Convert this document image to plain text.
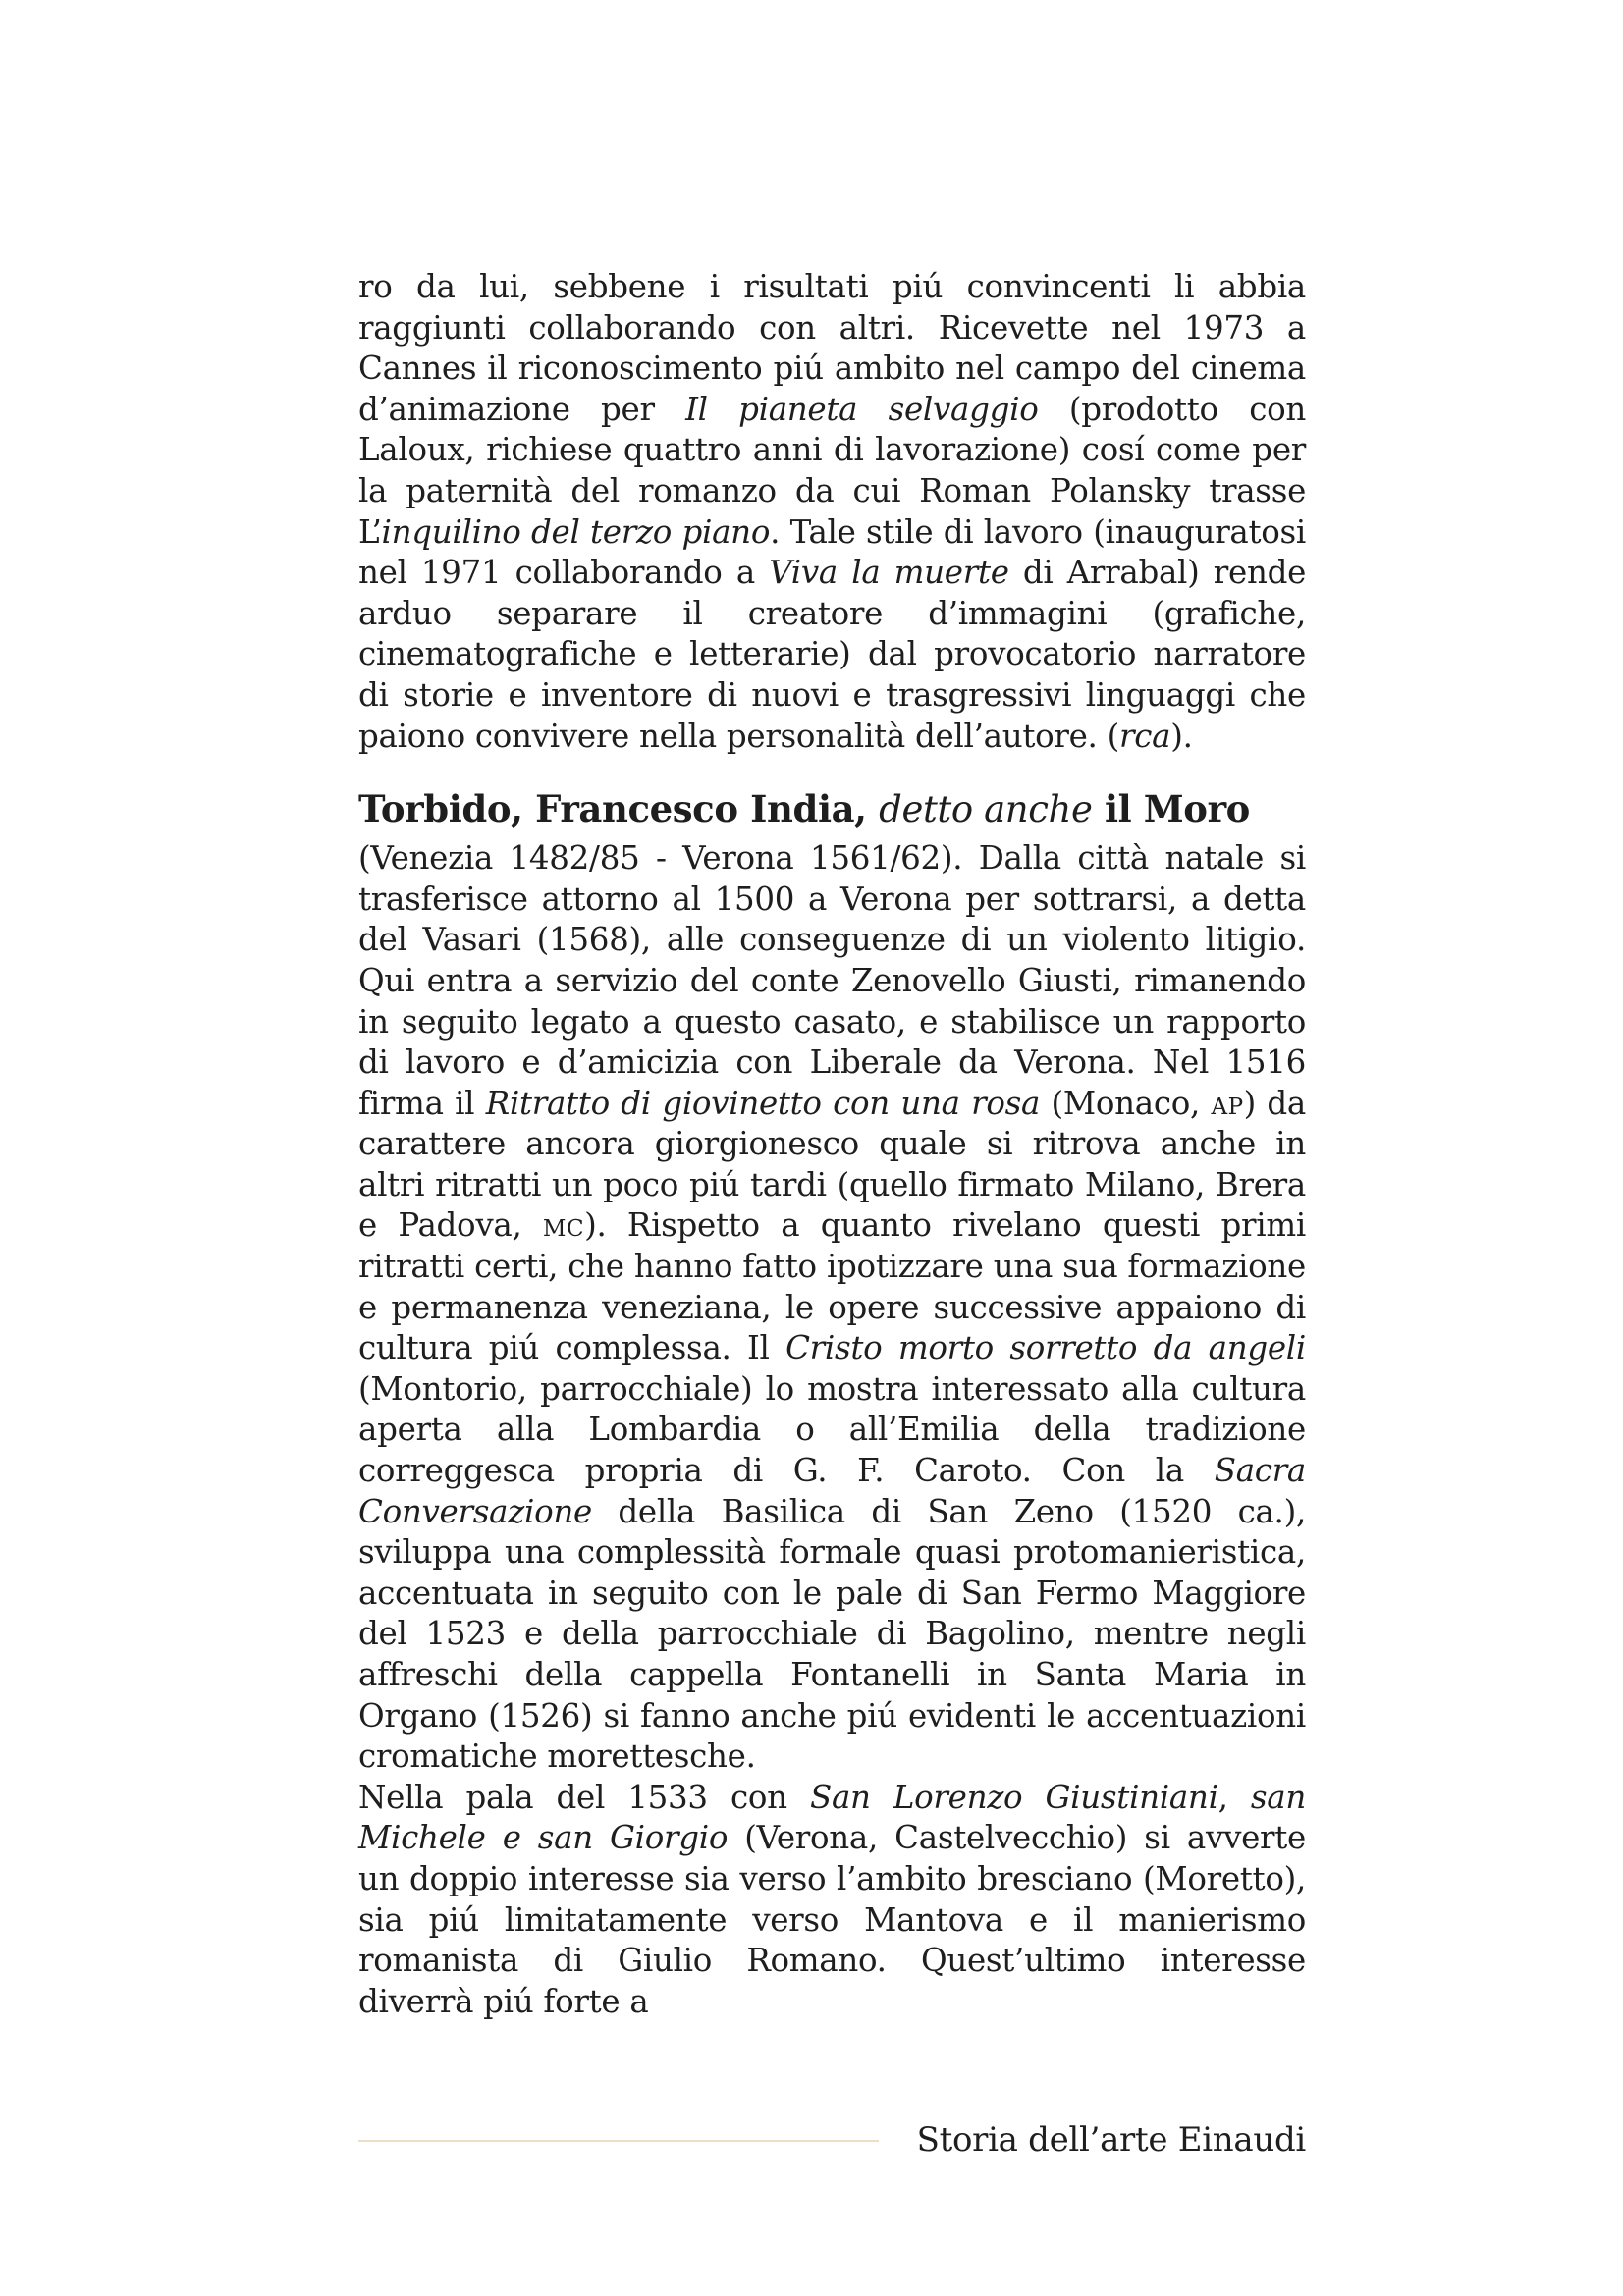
ro da lui, sebbene i risultati piú convincenti li abbia raggiunti collaborando con altri. Ricevette nel 1973 a Cannes il riconoscimento piú ambito nel campo del cinema d’animazione per Il pianeta selvaggio (prodotto con Laloux, richiese quattro anni di lavorazione) cosí come per la paternità del romanzo da cui Roman Polansky trasse L’inquilino del terzo piano. Tale stile di lavoro (inauguratosi nel 1971 collaborando a Viva la muerte di Arrabal) rende arduo separare il creatore d’immagini (grafiche, cinematografiche e letterarie) dal provocatorio narratore di storie e inventore di nuovi e trasgressivi linguaggi che paiono convivere nella personalità dell’autore. (rca).

Torbido, Francesco India, detto anche il Moro

(Venezia 1482/85 - Verona 1561/62). Dalla città natale si trasferisce attorno al 1500 a Verona per sottrarsi, a detta del Vasari (1568), alle conseguenze di un violento litigio. Qui entra a servizio del conte Zenovello Giusti, rimanendo in seguito legato a questo casato, e stabilisce un rapporto di lavoro e d’amicizia con Liberale da Verona. Nel 1516 firma il Ritratto di giovinetto con una rosa (Monaco, ap) da carattere ancora giorgionesco quale si ritrova anche in altri ritratti un poco piú tardi (quello firmato Milano, Brera e Padova, mc). Rispetto a quanto rivelano questi primi ritratti certi, che hanno fatto ipotizzare una sua formazione e permanenza veneziana, le opere successive appaiono di cultura piú complessa. Il Cristo morto sorretto da angeli (Montorio, parrocchiale) lo mostra interessato alla cultura aperta alla Lombardia o all’Emilia della tradizione correggesca propria di G. F. Caroto. Con la Sacra Conversazione della Basilica di San Zeno (1520 ca.), sviluppa una complessità formale quasi protomanieristica, accentuata in seguito con le pale di San Fermo Maggiore del 1523 e della parrocchiale di Bagolino, mentre negli affreschi della cappella Fontanelli in Santa Maria in Organo (1526) si fanno anche piú evidenti le accentuazioni cromatiche morettesche.

Nella pala del 1533 con San Lorenzo Giustiniani, san Michele e san Giorgio (Verona, Castelvecchio) si avverte un doppio interesse sia verso l’ambito bresciano (Moretto), sia piú limitatamente verso Mantova e il manierismo romanista di Giulio Romano. Quest’ultimo interesse diverrà piú forte a

Storia dell’arte Einaudi
